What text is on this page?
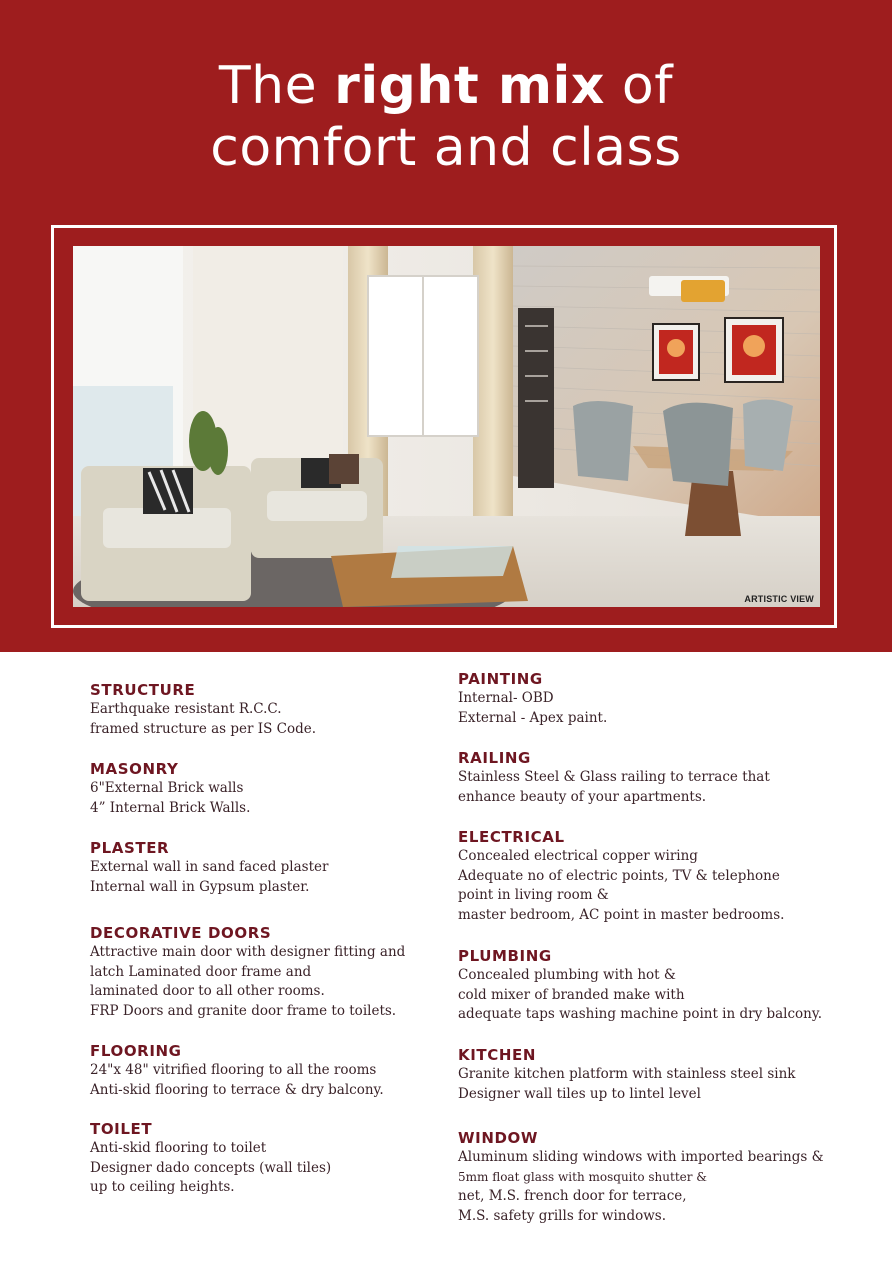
The right mix of
comfort and class
ARTISTIC VIEW
STRUCTURE

Earthquake resistant R.C.C.

framed structure as per IS Code.

MASONRY

6"External Brick walls

4” Internal Brick Walls.

PLASTER

External wall in sand faced plaster

Internal wall in Gypsum plaster.

DECORATIVE DOORS

Attractive main door with designer fitting and

latch Laminated door frame and

laminated door to all other rooms.

FRP Doors and granite door frame to toilets.

FLOORING

24"x 48" vitrified flooring to all the rooms

Anti-skid flooring to terrace & dry balcony.

TOILET

Anti-skid flooring to toilet

Designer dado concepts (wall tiles)

up to ceiling heights.

PAINTING

Internal- OBD

External - Apex paint.

RAILING

Stainless Steel & Glass railing to terrace that

enhance beauty of your apartments.

ELECTRICAL

Concealed electrical copper wiring

Adequate no of electric points, TV & telephone

point in living room &

master bedroom, AC point in master bedrooms.

PLUMBING

Concealed plumbing with hot &

cold mixer of branded make with

adequate taps washing machine point in dry balcony.

KITCHEN

Granite kitchen platform with stainless steel sink

Designer wall tiles up to lintel level

WINDOW

Aluminum sliding windows with imported bearings &

5mm float glass with mosquito shutter &

net, M.S. french door for terrace,

M.S. safety grills for windows.
